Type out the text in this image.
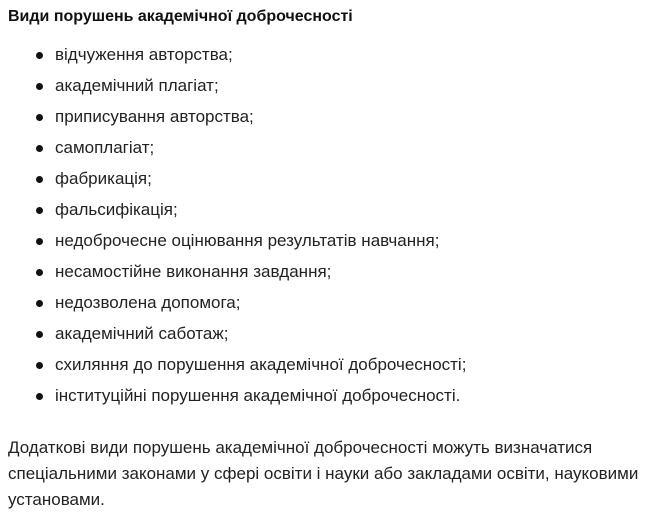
Види порушень академічної доброчесності
відчуження авторства;
академічний плагіат;
приписування авторства;
самоплагіат;
фабрикація;
фальсифікація;
недоброчесне оцінювання результатів навчання;
несамостійне виконання завдання;
недозволена допомога;
академічний саботаж;
схиляння до порушення академічної доброчесності;
інституційні порушення академічної доброчесності.

Додаткові види порушень академічної доброчесності можуть визначатися спеціальними законами у сфері освіти і науки або закладами освіти, науковими установами.
